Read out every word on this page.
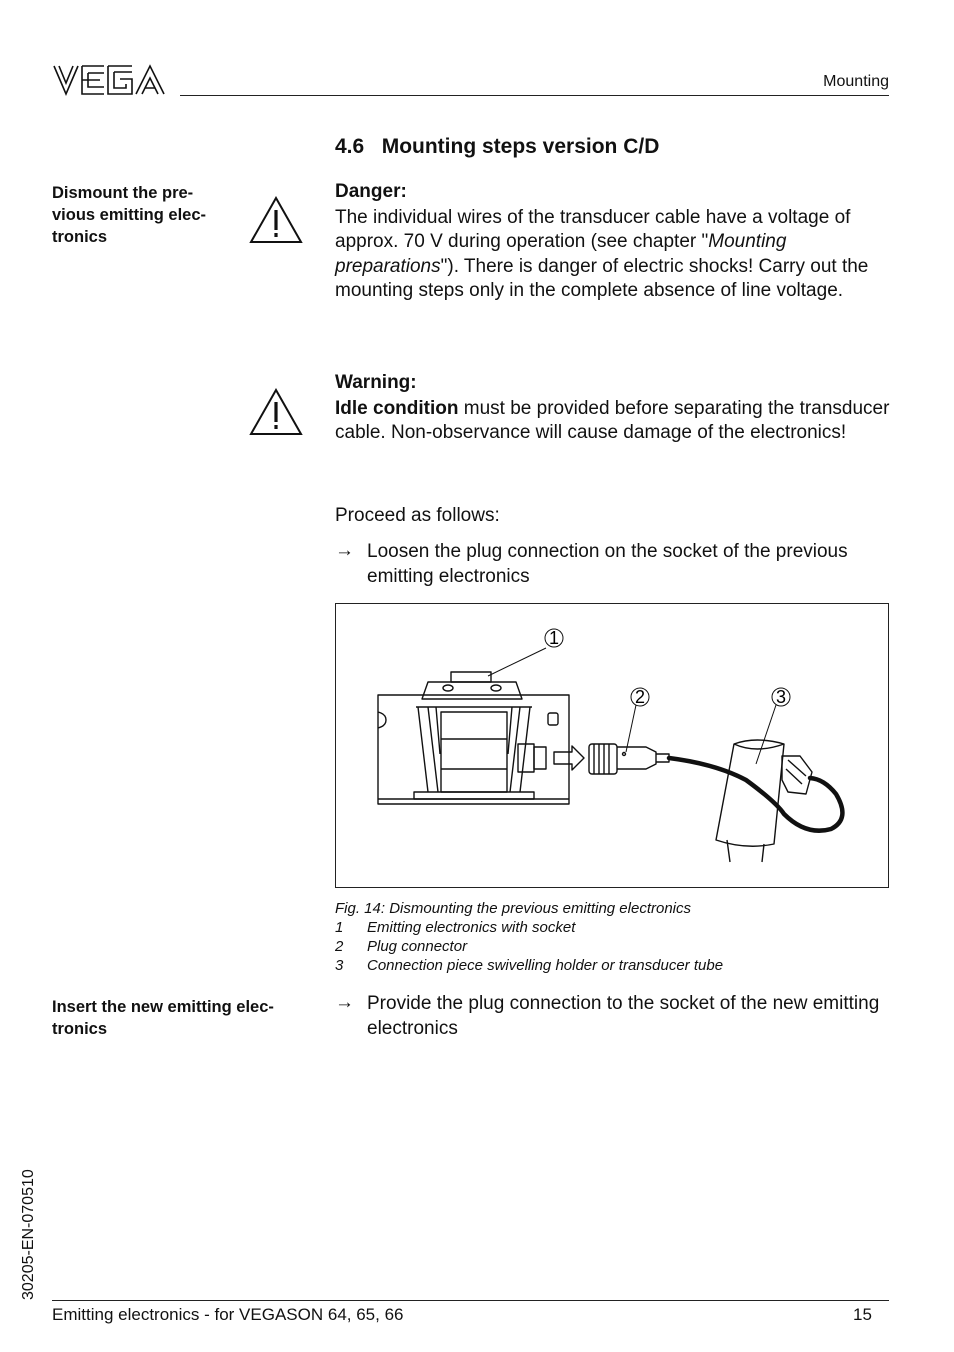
Mounting
4.6   Mounting steps version C/D
Dismount the pre-
vious emitting elec-
tronics
Danger:
The individual wires of the transducer cable have a voltage of approx. 70 V during operation (see chapter "Mounting preparations"). There is danger of electric shocks! Carry out the mounting steps only in the complete absence of line voltage.
Warning:
Idle condition must be provided before separating the transducer cable. Non-observance will cause damage of the electronics!
Proceed as follows:
→ Loosen the plug connection on the socket of the previous emitting electronics
1
2	3
Fig. 14: Dismounting the previous emitting electronics
1 Emitting electronics with socket
2 Plug connector
3 Connection piece swivelling holder or transducer tube
Insert the new emitting elec-
tronics
→ Provide the plug connection to the socket of the new emitting electronics
30205-EN-070510
Emitting electronics - for VEGASON 64, 65, 66	15
